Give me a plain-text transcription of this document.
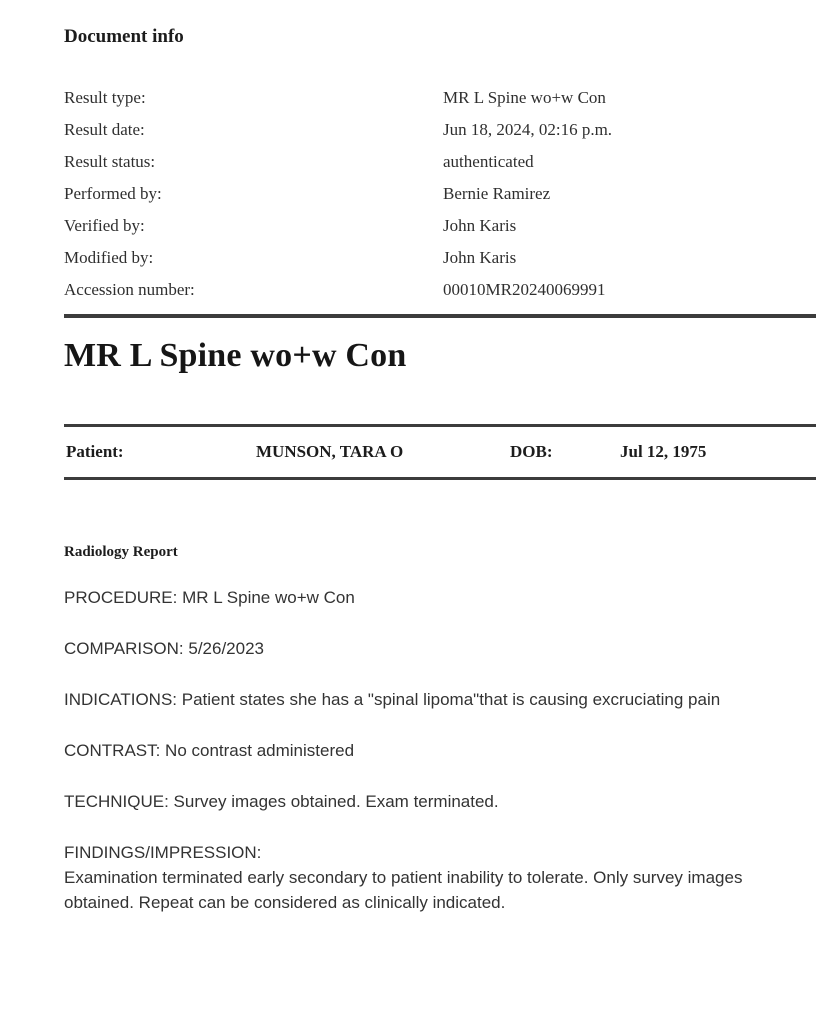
Document info
Result type:	MR L Spine wo+w Con
Result date:	Jun 18, 2024, 02:16 p.m.
Result status:	authenticated
Performed by:	Bernie Ramirez
Verified by:	John Karis
Modified by:	John Karis
Accession number:	00010MR20240069991
MR L Spine wo+w Con
Patient:	MUNSON, TARA O	DOB:	Jul 12, 1975
Radiology Report

PROCEDURE: MR L Spine wo+w Con

COMPARISON: 5/26/2023

INDICATIONS: Patient states she has a "spinal lipoma"that is causing excruciating pain

CONTRAST: No contrast administered

TECHNIQUE: Survey images obtained. Exam terminated.

FINDINGS/IMPRESSION:
Examination terminated early secondary to patient inability to tolerate. Only survey images obtained. Repeat can be considered as clinically indicated.
